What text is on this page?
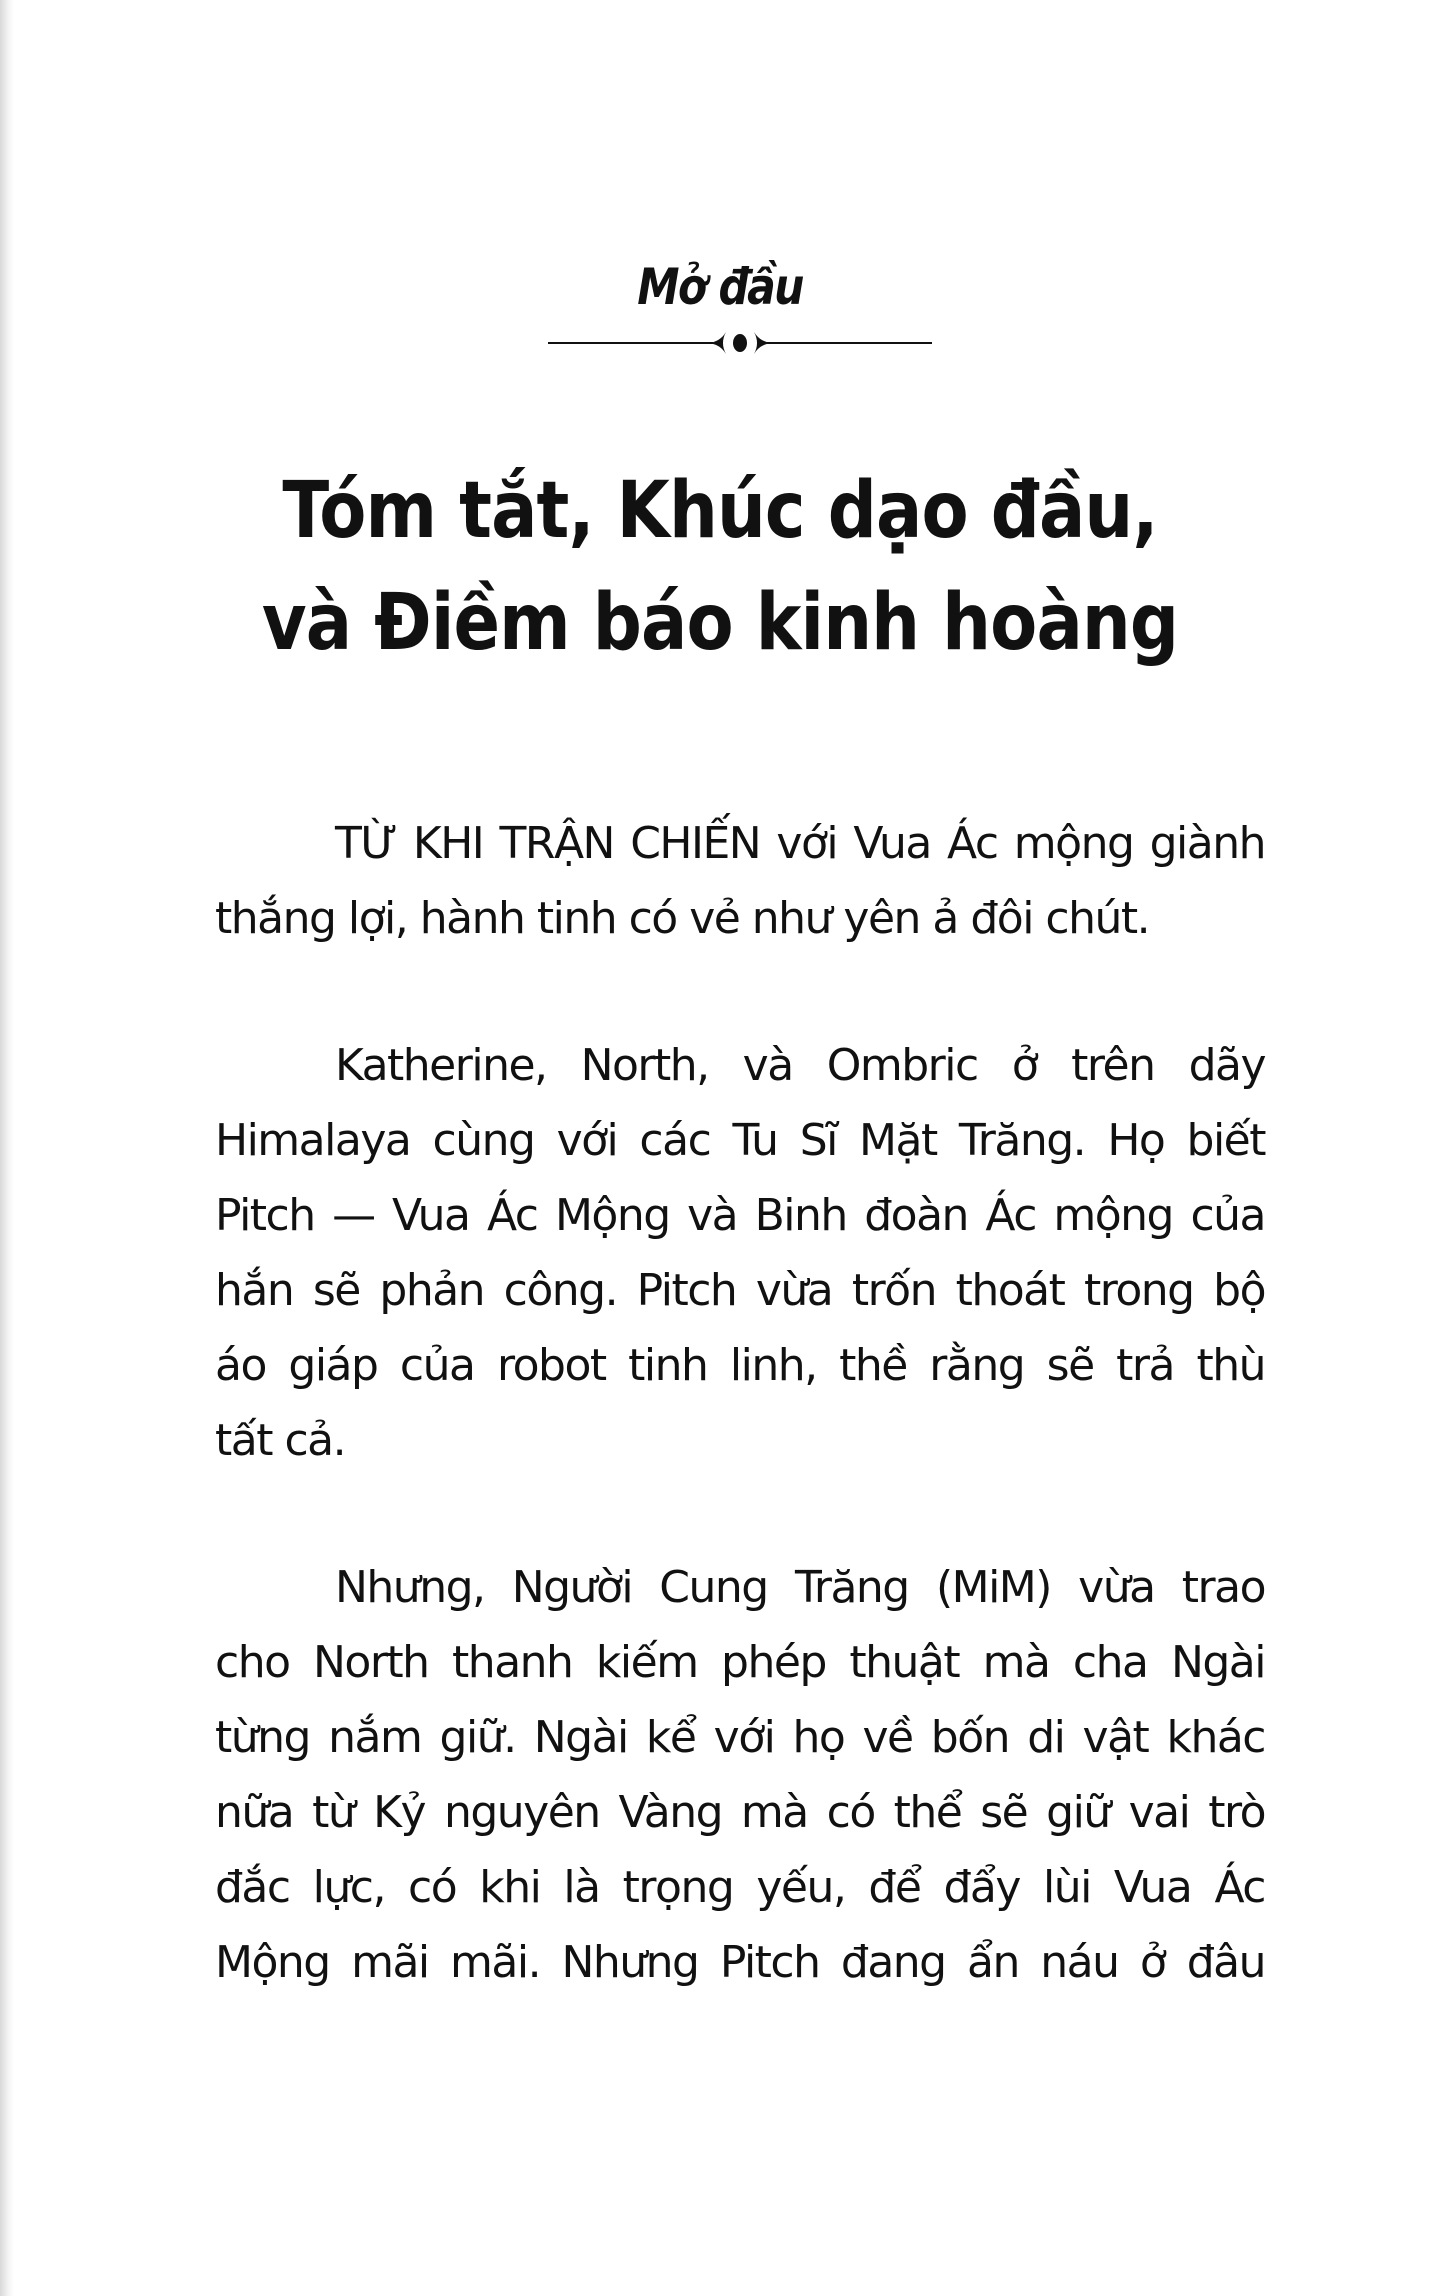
Mở đầu
Tóm tắt, Khúc dạo đầu,
và Điềm báo kinh hoàng
TỪ KHI TRẬN CHIẾN với Vua Ác mộng giành
thắng lợi, hành tinh có vẻ như yên ả đôi chút.
Katherine, North, và Ombric ở trên dãy
Himalaya cùng với các Tu Sĩ Mặt Trăng. Họ biết
Pitch — Vua Ác Mộng và Binh đoàn Ác mộng của
hắn sẽ phản công. Pitch vừa trốn thoát trong bộ
áo giáp của robot tinh linh, thề rằng sẽ trả thù
tất cả.
Nhưng, Người Cung Trăng (MiM) vừa trao
cho North thanh kiếm phép thuật mà cha Ngài
từng nắm giữ. Ngài kể với họ về bốn di vật khác
nữa từ Kỷ nguyên Vàng mà có thể sẽ giữ vai trò
đắc lực, có khi là trọng yếu, để đẩy lùi Vua Ác
Mộng mãi mãi. Nhưng Pitch đang ẩn náu ở đâu
